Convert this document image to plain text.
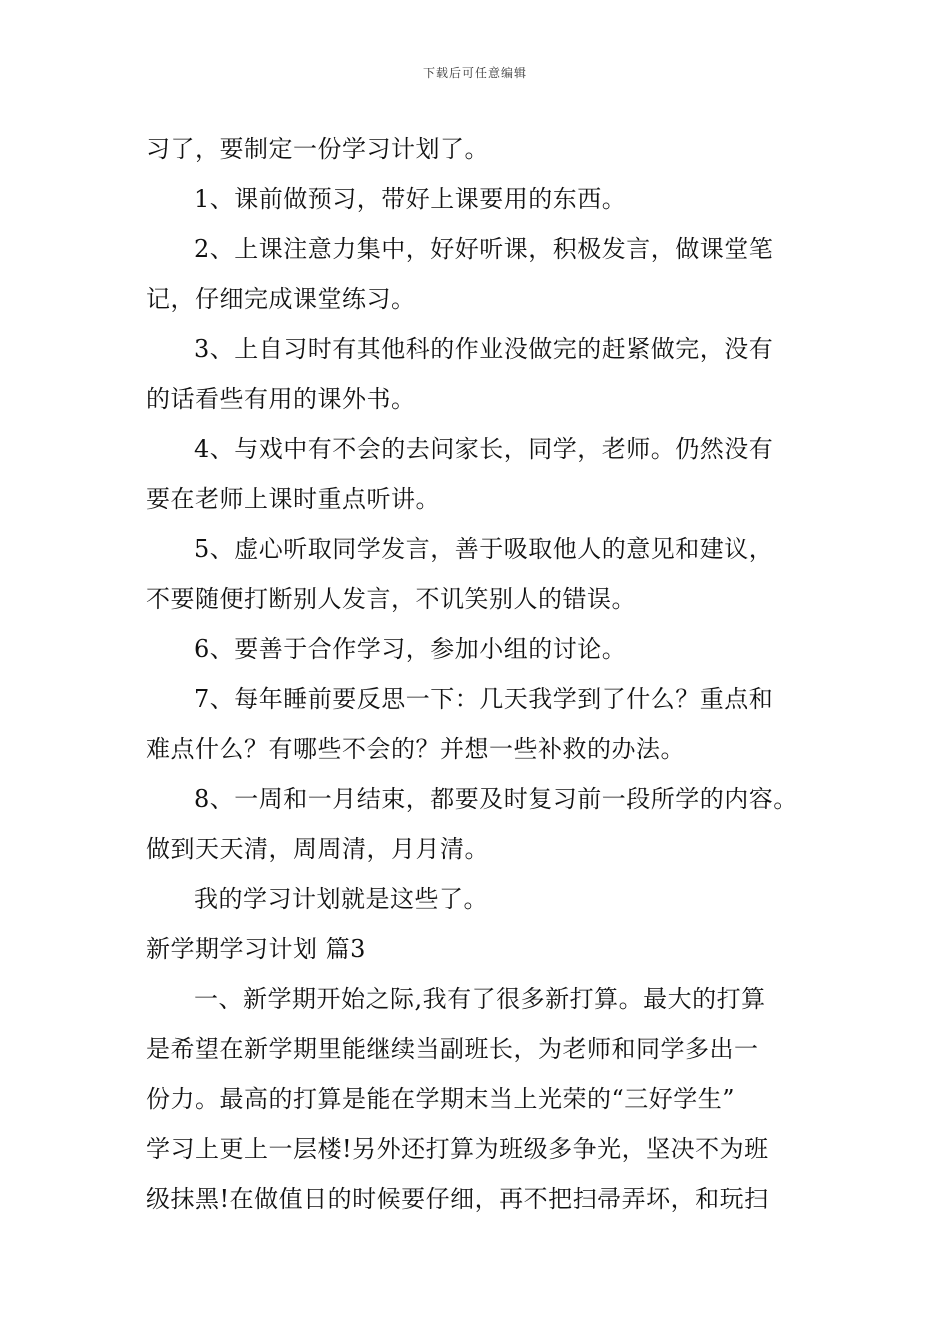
下载后可任意编辑
习了，要制定一份学习计划了。
1、课前做预习，带好上课要用的东西。
2、上课注意力集中，好好听课，积极发言，做课堂笔
记，仔细完成课堂练习。
3、上自习时有其他科的作业没做完的赶紧做完，没有
的话看些有用的课外书。
4、与戏中有不会的去问家长，同学，老师。仍然没有
要在老师上课时重点听讲。
5、虚心听取同学发言，善于吸取他人的意见和建议，
不要随便打断别人发言，不讥笑别人的错误。
6、要善于合作学习，参加小组的讨论。
7、每年睡前要反思一下：几天我学到了什么？重点和
难点什么？有哪些不会的？并想一些补救的办法。
8、一周和一月结束，都要及时复习前一段所学的内容。
做到天天清，周周清，月月清。
我的学习计划就是这些了。
新学期学习计划 篇3
一、新学期开始之际,我有了很多新打算。最大的打算
是希望在新学期里能继续当副班长，为老师和同学多出一
份力。最高的打算是能在学期末当上光荣的“三好学生”
学习上更上一层楼!另外还打算为班级多争光，坚决不为班
级抹黑!在做值日的时候要仔细，再不把扫帚弄坏，和玩扫
